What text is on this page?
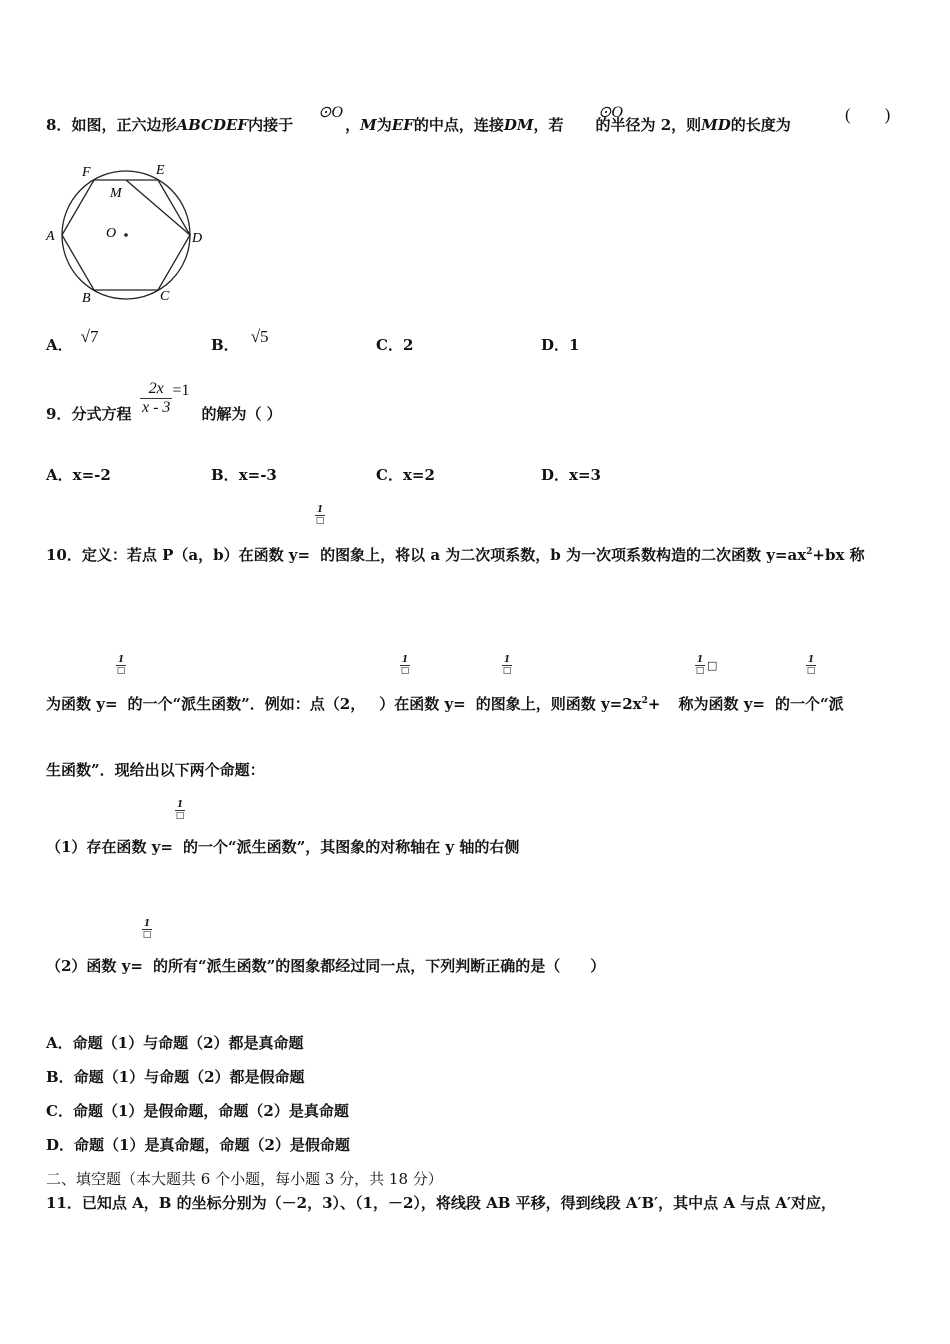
8．如图，正六边形ABCDEF内接于	，M为EF的中点，连接DM，若 的半径为 2，则MD的长度为
⊙O	⊙O	(　　)
F	E
M
A	O	D
B	C
A． √7	B． √5	C．2	D．1
9．分式方程	的解为（ ）
$\frac{2x}{x - 3} =1$
A．x=-2	B．x=-3	C．x=2	D．x=3
1
□
10．定义：若点 P（a，b）在函数 y= 的图象上，将以 a 为二次项系数，b 为一次项系数构造的二次函数 $y=ax^2+bx$ 称
1
□
1
□
1
□
1
□ □	1
□
为函数 y= 的一个“派生函数”．例如：点（2， ）在函数 y= 的图象上，则函数 $y=2x^2+$ 称为函数 y= 的一个“派
生函数”．现给出以下两个命题：
1
□
（1）存在函数 y= 的一个“派生函数”，其图象的对称轴在 y 轴的右侧
1
□
（2）函数 y= 的所有“派生函数”的图象都经过同一点，下列判断正确的是（　　）
A．命题（1）与命题（2）都是真命题
B．命题（1）与命题（2）都是假命题
C．命题（1）是假命题，命题（2）是真命题
D．命题（1）是真命题，命题（2）是假命题
二、填空题（本大题共 6 个小题，每小题 3 分，共 18 分）
11．已知点 A，B 的坐标分别为（－2，3）、（1，－2），将线段 AB 平移，得到线段 A′B′，其中点 A 与点 A′对应，
